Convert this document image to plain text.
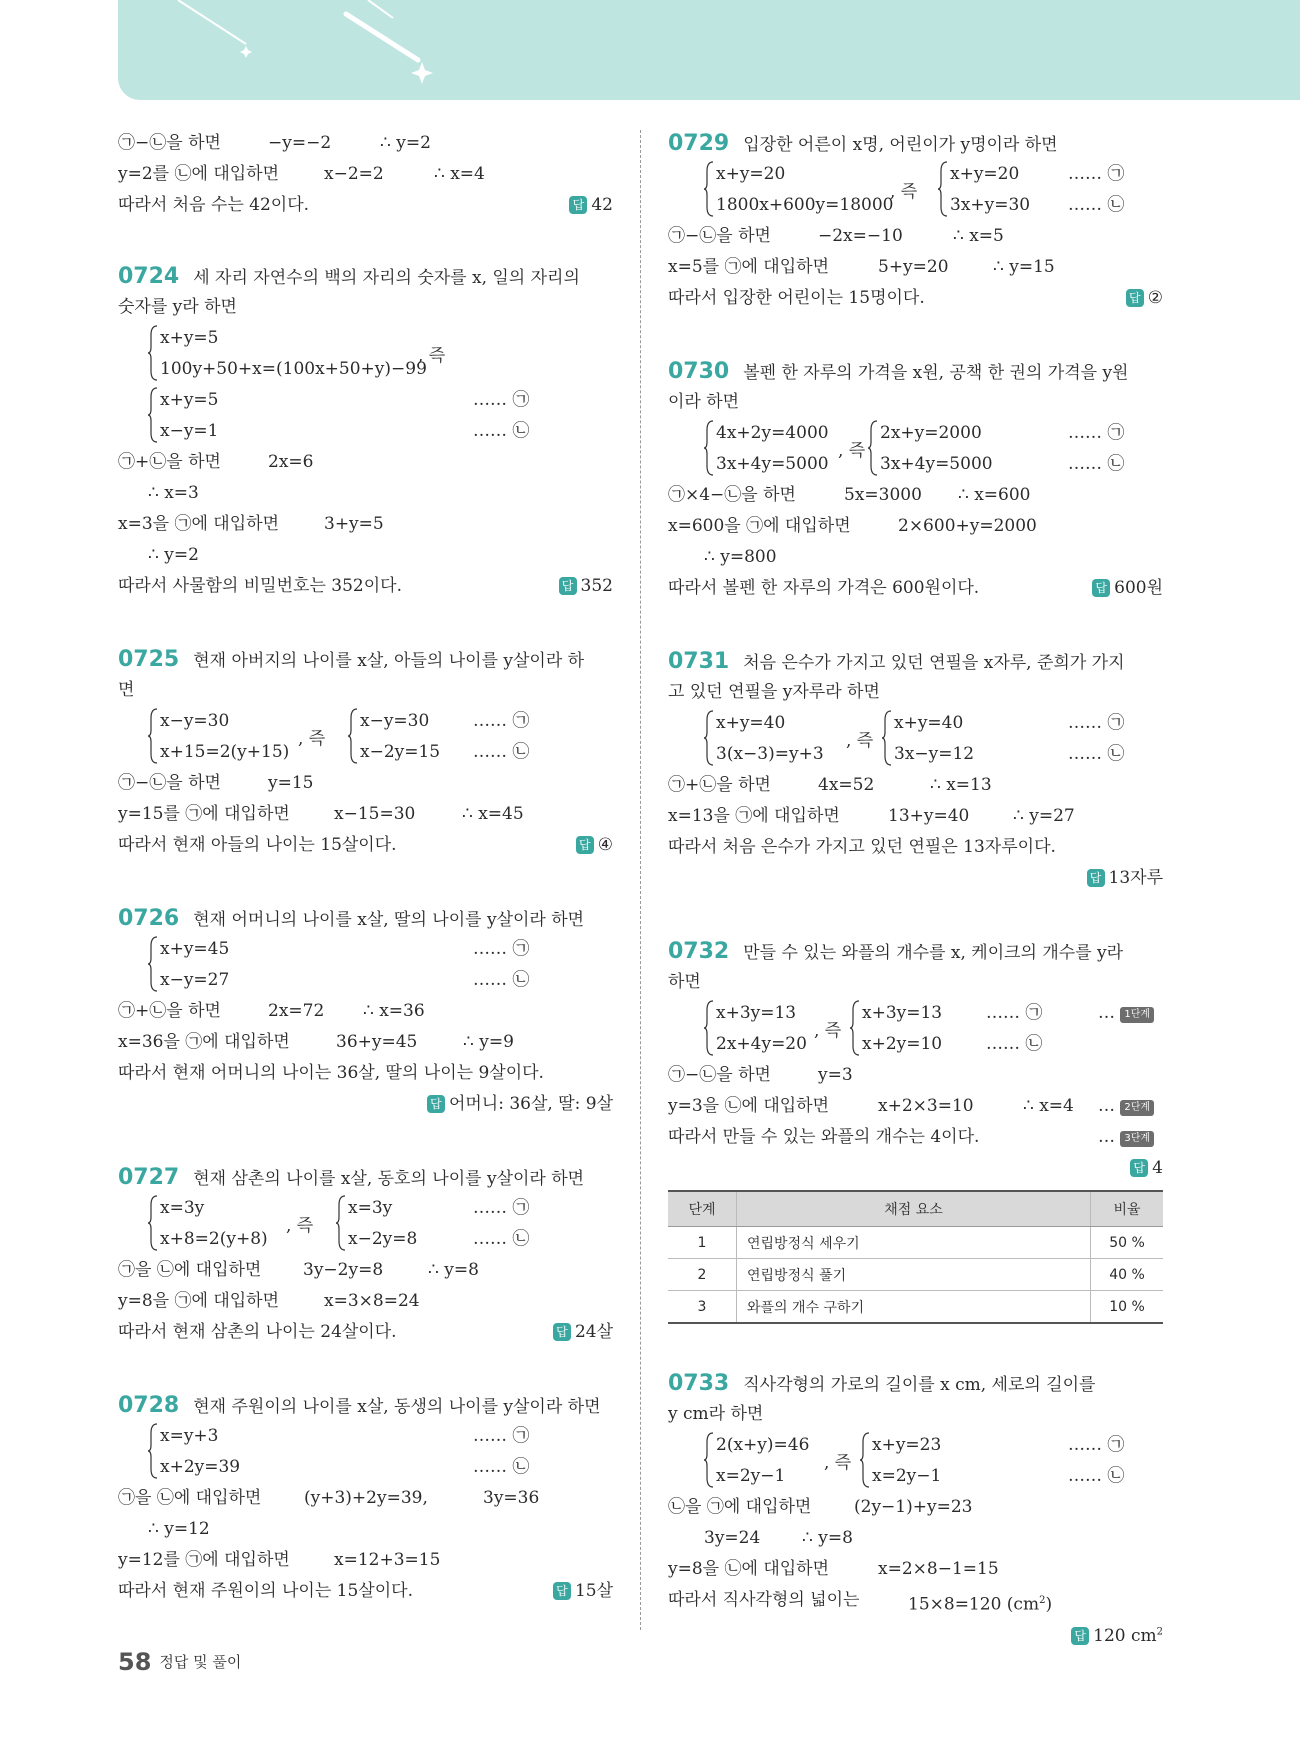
㉠−㉡을 하면	−y=−2	∴ y=2
y=2를 ㉡에 대입하면	x−2=2	∴ x=4
따라서 처음 수는 42이다.	답 42
0724 세 자리 자연수의 백의 자리의 숫자를 x, 일의 자리의
숫자를 y라 하면
x+y=5
100y+50+x=(100x+50+y)−99
, 즉
x+y=5
x−y=1
…… ㉠
…… ㉡
㉠+㉡을 하면	2x=6
∴ x=3
x=3을 ㉠에 대입하면	3+y=5
∴ y=2
따라서 사물함의 비밀번호는 352이다.	답 352
0725 현재 아버지의 나이를 x살, 아들의 나이를 y살이라 하
면
x−y=30
x+15=2(y+15)
, 즉
x−y=30
x−2y=15
…… ㉠
…… ㉡
㉠−㉡을 하면	y=15
y=15를 ㉠에 대입하면	x−15=30	∴ x=45
따라서 현재 아들의 나이는 15살이다.	답 ④
0726 현재 어머니의 나이를 x살, 딸의 나이를 y살이라 하면
x+y=45
x−y=27
…… ㉠
…… ㉡
㉠+㉡을 하면	2x=72 ∴ x=36
x=36을 ㉠에 대입하면	36+y=45	∴ y=9
따라서 현재 어머니의 나이는 36살, 딸의 나이는 9살이다.
답 어머니: 36살, 딸: 9살
0727 현재 삼촌의 나이를 x살, 동호의 나이를 y살이라 하면
x=3y
x+8=2(y+8)
, 즉
x=3y
x−2y=8
…… ㉠
…… ㉡
㉠을 ㉡에 대입하면 3y−2y=8	∴ y=8
y=8을 ㉠에 대입하면	x=3×8=24
따라서 현재 삼촌의 나이는 24살이다.	답 24살
0728 현재 주원이의 나이를 x살, 동생의 나이를 y살이라 하면
x=y+3
x+2y=39
…… ㉠
…… ㉡
㉠을 ㉡에 대입하면	(y+3)+2y=39,	3y=36
∴ y=12
y=12를 ㉠에 대입하면	x=12+3=15
따라서 현재 주원이의 나이는 15살이다.	답 15살
0729 입장한 어른이 x명, 어린이가 y명이라 하면
x+y=20
1800x+600y=18000
, 즉
x+y=20
3x+y=30
…… ㉠
…… ㉡
㉠−㉡을 하면	−2x=−10	∴ x=5
x=5를 ㉠에 대입하면	5+y=20	∴ y=15
따라서 입장한 어린이는 15명이다.	답 ②
0730 볼펜 한 자루의 가격을 x원, 공책 한 권의 가격을 y원
이라 하면
4x+2y=4000
3x+4y=5000
, 즉
2x+y=2000
3x+4y=5000
…… ㉠
…… ㉡
㉠×4−㉡을 하면	5x=3000 ∴ x=600
x=600을 ㉠에 대입하면	2×600+y=2000
∴ y=800
따라서 볼펜 한 자루의 가격은 600원이다.	답 600원
0731 처음 은수가 가지고 있던 연필을 x자루, 준희가 가지
고 있던 연필을 y자루라 하면
x+y=40
3(x−3)=y+3
, 즉
x+y=40
3x−y=12
…… ㉠
…… ㉡
㉠+㉡을 하면	4x=52	∴ x=13
x=13을 ㉠에 대입하면	13+y=40	∴ y=27
따라서 처음 은수가 가지고 있던 연필은 13자루이다.
답 13자루
0732 만들 수 있는 와플의 개수를 x, 케이크의 개수를 y라
하면
x+3y=13
2x+4y=20
, 즉
x+3y=13
x+2y=10
…… ㉠
…… ㉡
… 1단계
㉠−㉡을 하면	y=3
y=3을 ㉡에 대입하면	x+2×3=10	∴ x=4 … 2단계
따라서 만들 수 있는 와플의 개수는 4이다.	… 3단계
답 4
단계	채점 요소	비율
1	연립방정식 세우기	50 %
2	연립방정식 풀기	40 %
3	와플의 개수 구하기	10 %
0733 직사각형의 가로의 길이를 x cm, 세로의 길이를
y cm라 하면
2(x+y)=46
x=2y−1
, 즉
x+y=23
x=2y−1
…… ㉠
…… ㉡
㉡을 ㉠에 대입하면	(2y−1)+y=23
3y=24 ∴ y=8
y=8을 ㉡에 대입하면	x=2×8−1=15
따라서 직사각형의 넓이는	15×8=120 $(cm^2)$
답 120 $cm^2$
58 정답 및 풀이
